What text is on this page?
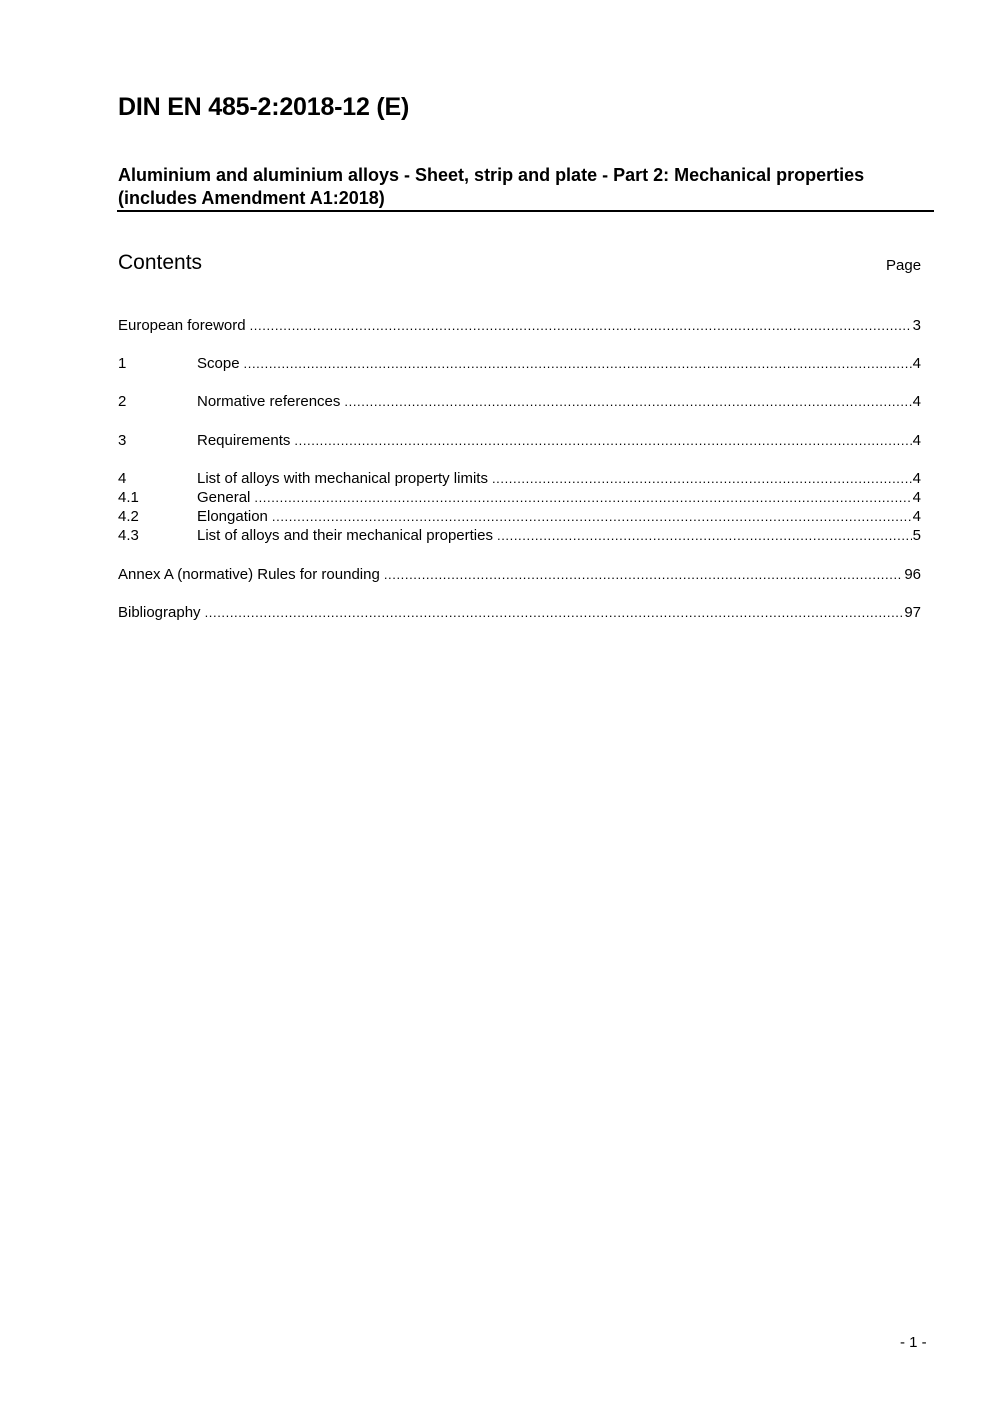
DIN EN 485-2:2018-12 (E)
Aluminium and aluminium alloys - Sheet, strip and plate - Part 2: Mechanical properties (includes Amendment A1:2018)
Contents	Page
European foreword .....	3
1	Scope .....	4
2	Normative references .....	4
3	Requirements .....	4
4	List of alloys with mechanical property limits .....	4
4.1	General .....	4
4.2	Elongation .....	4
4.3	List of alloys and their mechanical properties .....	5
Annex A (normative) Rules for rounding .....	96
Bibliography .....	97
- 1 -
